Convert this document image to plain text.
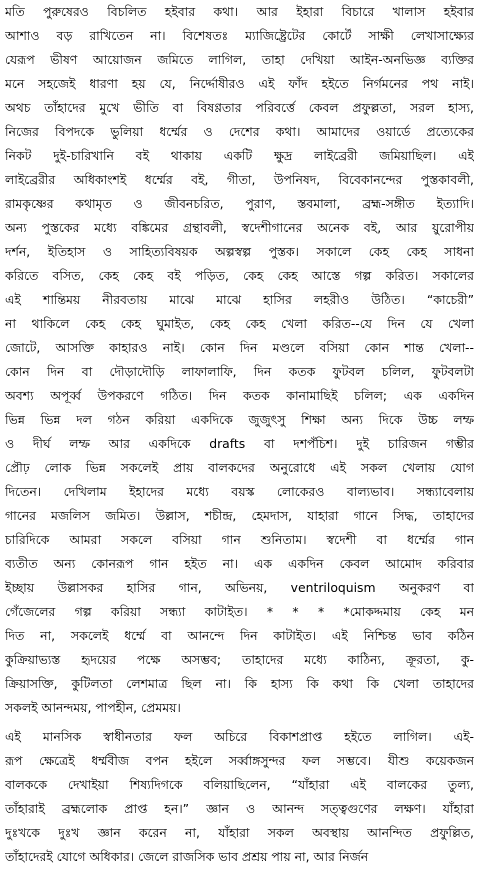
মতি পুরুষেরও বিচলিত হইবার কথা। আর ইহারা বিচারে খালাস হইবার
আশাও বড় রাখিতেন না। বিশেষতঃ ম্যাজিষ্ট্রেটের কোর্টে সাক্ষী লেখাসাক্ষ্যের
যেরূপ ভীষণ আয়োজন জমিতে লাগিল, তাহা দেখিয়া আইন-অনভিজ্ঞ ব্যক্তির
মনে সহজেই ধারণা হয় যে, নির্দ্দোষীরও এই ফাঁদ হইতে নির্গমনের পথ নাই।
অথচ তাঁহাদের মুখে ভীতি বা বিষণ্ণতার পরিবর্ত্তে কেবল প্রফুল্লতা, সরল হাস্য,
নিজের বিপদকে ভুলিয়া ধর্ম্মের ও দেশের কথা। আমাদের ওয়ার্ডে প্রত্যেকের
নিকট দুই-চারিখানি বই থাকায় একটি ক্ষুদ্র লাইব্রেরী জমিয়াছিল। এই
লাইব্রেরীর অধিকাংশই ধর্ম্মের বই, গীতা, উপনিষদ, বিবেকানন্দের পুস্তকাবলী,
রামকৃষ্ণের কথামৃত ও জীবনচরিত, পুরাণ, স্তবমালা, ব্রহ্ম-সঙ্গীত ইত্যাদি।
অন্য পুস্তকের মধ্যে বঙ্কিমের গ্রন্থাবলী, স্বদেশীগানের অনেক বই, আর য়ুরোপীয়
দর্শন, ইতিহাস ও সাহিত্যবিষয়ক অল্পস্বল্প পুস্তক। সকালে কেহ কেহ সাধনা
করিতে বসিত, কেহ কেহ বই পড়িত, কেহ কেহ আস্তে গল্প করিত। সকালের
এই শান্তিময় নীরবতায় মাঝে মাঝে হাসির লহরীও উঠিত। “কাচেরী”
না থাকিলে কেহ কেহ ঘুমাইত, কেহ কেহ খেলা করিত--যে দিন যে খেলা
জোটে, আসক্তি কাহারও নাই। কোন দিন মণ্ডলে বসিয়া কোন শান্ত খেলা--
কোন দিন বা দৌড়াদৌড়ি লাফালাফি, দিন কতক ফুটবল চলিল, ফুটবলটা
অবশ্য অপূর্ব্ব উপকরণে গঠিত। দিন কতক কানামাছিই চলিল; এক একদিন
ভিন্ন ভিন্ন দল গঠন করিয়া একদিকে জুজুৎসু শিক্ষা অন্য দিকে উচ্চ লম্ফ
ও দীর্ঘ লম্ফ আর একদিকে drafts বা দশপঁচিশ। দুই চারিজন গম্ভীর
প্রৌঢ় লোক ভিন্ন সকলেই প্রায় বালকদের অনুরোধে এই সকল খেলায় যোগ
দিতেন। দেখিলাম ইহাদের মধ্যে বয়স্ক লোকেরও বাল্যভাব। সন্ধ্যাবেলায়
গানের মজলিস জমিত। উল্লাস, শচীন্দ্র, হেমদাস, যাহারা গানে সিদ্ধ, তাহাদের
চারিদিকে আমরা সকলে বসিয়া গান শুনিতাম। স্বদেশী বা ধর্ম্মের গান
ব্যতীত অন্য কোনরূপ গান হইত না। এক একদিন কেবল আমোদ করিবার
ইচ্ছায় উল্লাসকর হাসির গান, অভিনয়, ventriloquism অনুকরণ বা
গেঁজেলের গল্প করিয়া সন্ধ্যা কাটাইত। * * * *মোকদ্দমায় কেহ মন
দিত না, সকলেই ধর্ম্মে বা আনন্দে দিন কাটাইত। এই নিশ্চিন্ত ভাব কঠিন
কুক্রিয়াভ্যস্ত হৃদয়ের পক্ষে অসম্ভব; তাহাদের মধ্যে কাঠিন্য, ক্রূরতা, কু-
ক্রিয়াসক্তি, কুটিলতা লেশমাত্র ছিল না। কি হাস্য কি কথা কি খেলা তাহাদের
সকলই আনন্দময়, পাপহীন, প্রেমময়।
এই মানসিক স্বাধীনতার ফল অচিরে বিকাশপ্রাপ্ত হইতে লাগিল। এই-
রূপ ক্ষেত্রেই ধর্ম্মবীজ বপন হইলে সর্ব্বাঙ্গসুন্দর ফল সম্ভবে। যীশু কয়েকজন
বালককে দেখাইয়া শিষ্যদিগকে বলিয়াছিলেন, “যাঁহারা এই বালকের তুল্য,
তাঁহারাই ব্রহ্মলোক প্রাপ্ত হন।” জ্ঞান ও আনন্দ সত্ত্বগুণের লক্ষণ। যাঁহারা
দুঃখকে দুঃখ জ্ঞান করেন না, যাঁহারা সকল অবস্থায় আনন্দিত প্রফুল্লিত,
তাঁহাদেরই যোগে অধিকার। জেলে রাজসিক ভাব প্রশ্রয় পায় না, আর নির্জন
